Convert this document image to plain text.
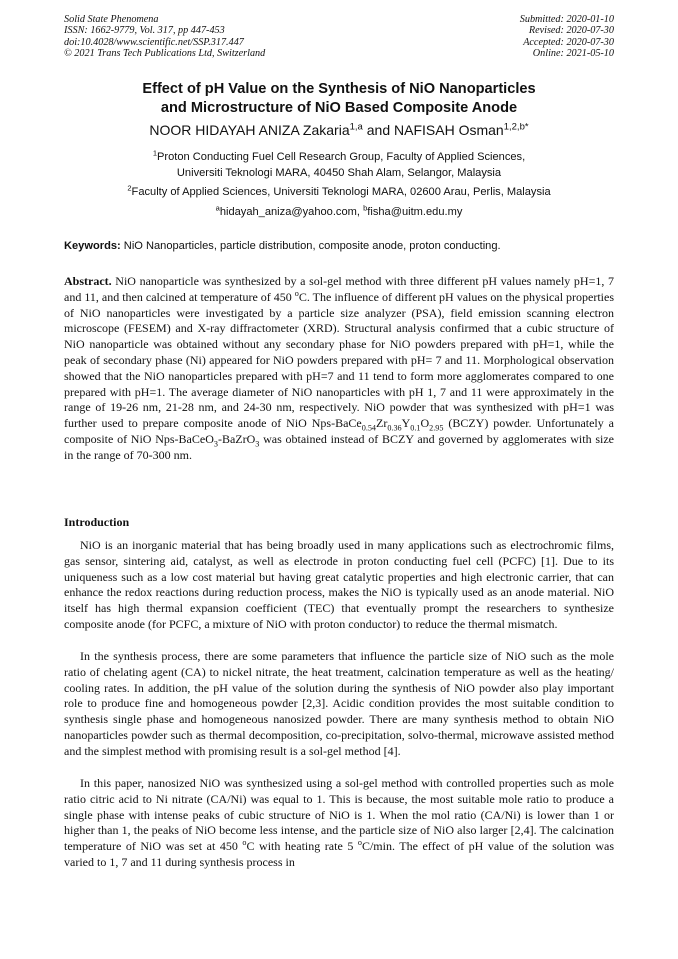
Solid State Phenomena
ISSN: 1662-9779, Vol. 317, pp 447-453
doi:10.4028/www.scientific.net/SSP.317.447
© 2021 Trans Tech Publications Ltd, Switzerland
Submitted: 2020-01-10
Revised: 2020-07-30
Accepted: 2020-07-30
Online: 2021-05-10
Effect of pH Value on the Synthesis of NiO Nanoparticles
and Microstructure of NiO Based Composite Anode
NOOR HIDAYAH ANIZA Zakaria$^{1,a}$ and NAFISAH Osman$^{1,2,b*}$
$^1$Proton Conducting Fuel Cell Research Group, Faculty of Applied Sciences,
Universiti Teknologi MARA, 40450 Shah Alam, Selangor, Malaysia
$^2$Faculty of Applied Sciences, Universiti Teknologi MARA, 02600 Arau, Perlis, Malaysia
$^a$hidayah_aniza@yahoo.com, $^b$fisha@uitm.edu.my
Keywords: NiO Nanoparticles, particle distribution, composite anode, proton conducting.

Abstract. NiO nanoparticle was synthesized by a sol-gel method with three different pH values namely pH=1, 7 and 11, and then calcined at temperature of 450 $^o$C. The influence of different pH values on the physical properties of NiO nanoparticles were investigated by a particle size analyzer (PSA), field emission scanning electron microscope (FESEM) and X-ray diffractometer (XRD). Structural analysis confirmed that a cubic structure of NiO nanoparticle was obtained without any secondary phase for NiO powders prepared with pH=1, while the peak of secondary phase (Ni) appeared for NiO powders prepared with pH= 7 and 11. Morphological observation showed that the NiO nanoparticles prepared with pH=7 and 11 tend to form more agglomerates compared to one prepared with pH=1. The average diameter of NiO nanoparticles with pH 1, 7 and 11 were approximately in the range of 19-26 nm, 21-28 nm, and 24-30 nm, respectively. NiO powder that was synthesized with pH=1 was further used to prepare composite anode of NiO Nps-$BaCe_{0.54}Zr_{0.36}Y_{0.1}O_{2.95}$ (BCZY) powder. Unfortunately a composite of NiO Nps-BaCeO$_3$-BaZrO$_3$ was obtained instead of BCZY and governed by agglomerates with size in the range of 70-300 nm.

Introduction

NiO is an inorganic material that has being broadly used in many applications such as electrochromic films, gas sensor, sintering aid, catalyst, as well as electrode in proton conducting fuel cell (PCFC) [1]. Due to its uniqueness such as a low cost material but having great catalytic properties and high electronic carrier, that can enhance the redox reactions during reduction process, makes the NiO is typically used as an anode material. NiO itself has high thermal expansion coefficient (TEC) that eventually prompt the researchers to synthesize composite anode (for PCFC, a mixture of NiO with proton conductor) to reduce the thermal mismatch.

In the synthesis process, there are some parameters that influence the particle size of NiO such as the mole ratio of chelating agent (CA) to nickel nitrate, the heat treatment, calcination temperature as well as the heating/ cooling rates. In addition, the pH value of the solution during the synthesis of NiO powder also play important role to produce fine and homogeneous powder [2,3]. Acidic condition provides the most suitable condition to synthesis single phase and homogeneous nanosized powder. There are many synthesis method to obtain NiO nanoparticles powder such as thermal decomposition, co-precipitation, solvo-thermal, microwave assisted method and the simplest method with promising result is a sol-gel method [4].

In this paper, nanosized NiO was synthesized using a sol-gel method with controlled properties such as mole ratio citric acid to Ni nitrate (CA/Ni) was equal to 1. This is because, the most suitable mole ratio to produce a single phase with intense peaks of cubic structure of NiO is 1. When the mol ratio (CA/Ni) is lower than 1 or higher than 1, the peaks of NiO become less intense, and the particle size of NiO also larger [2,4]. The calcination temperature of NiO was set at 450 $^o$C with heating rate 5 $^o$C/min. The effect of pH value of the solution was varied to 1, 7 and 11 during synthesis process in
